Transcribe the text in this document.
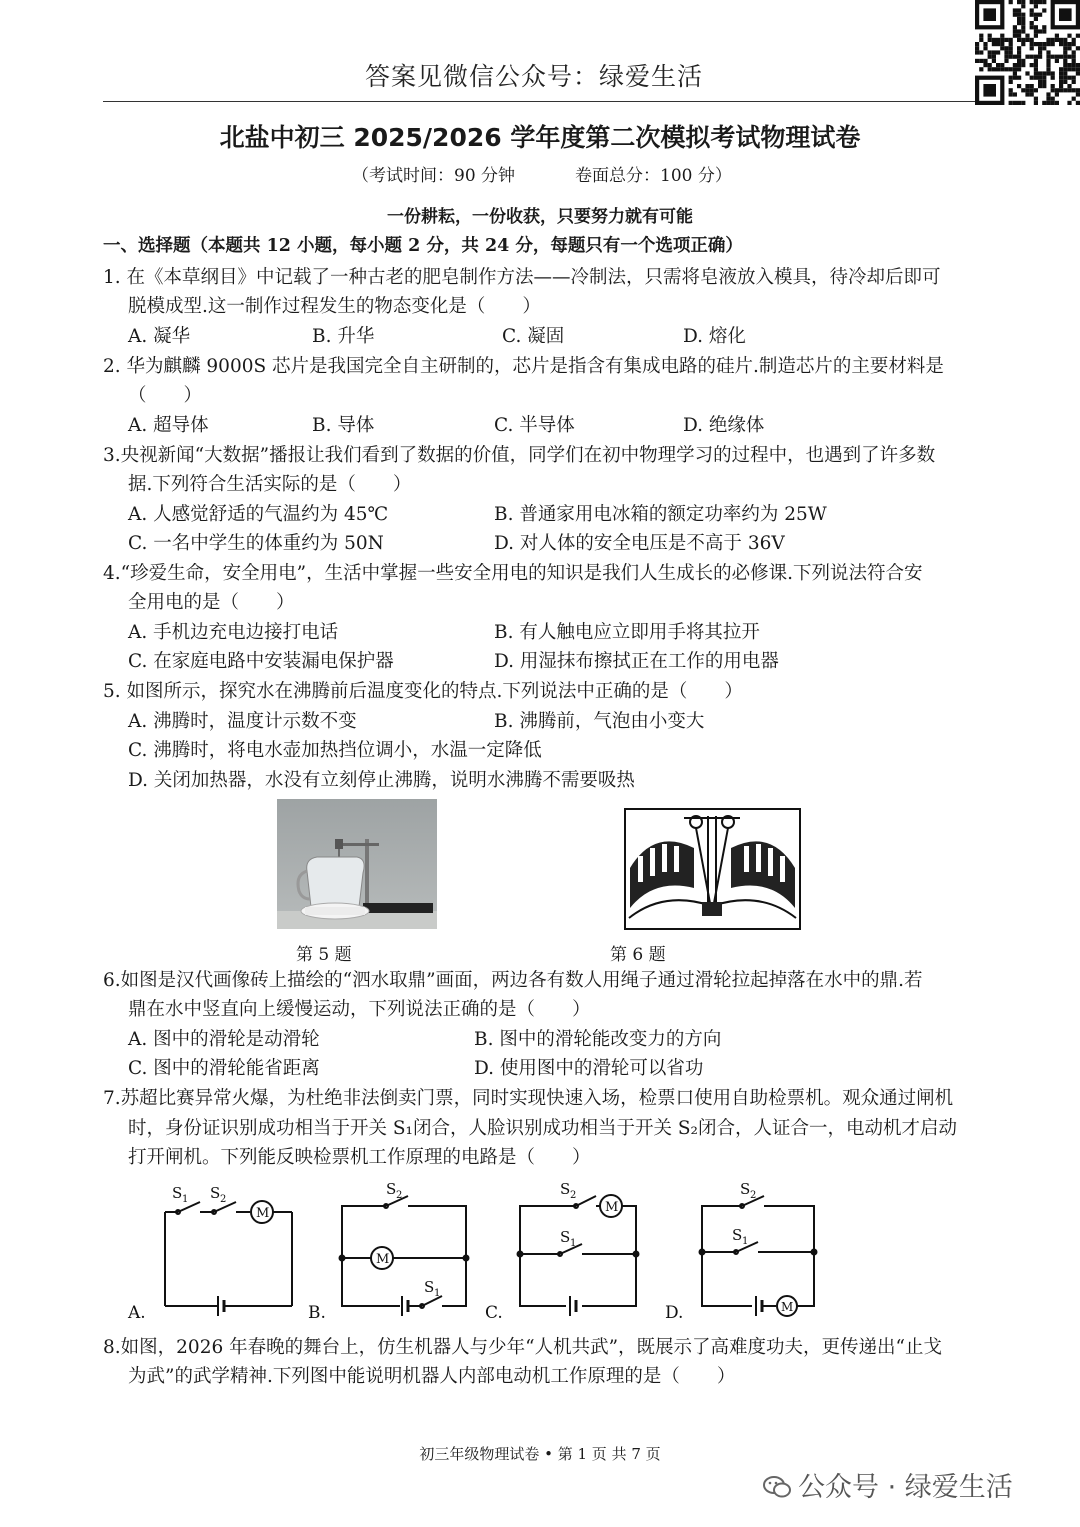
答案见微信公众号：绿爱生活
北盐中初三 2025/2026 学年度第二次模拟考试物理试卷
（考试时间：90 分钟	卷面总分：100 分）
一份耕耘，一份收获，只要努力就有可能
一、选择题（本题共 12 小题，每小题 2 分，共 24 分，每题只有一个选项正确）
1. 在《本草纲目》中记载了一种古老的肥皂制作方法——冷制法，只需将皂液放入模具，待冷却后即可
脱模成型.这一制作过程发生的物态变化是（　　）
A. 凝华	B. 升华	C. 凝固	D. 熔化
2. 华为麒麟 9000S 芯片是我国完全自主研制的，芯片是指含有集成电路的硅片.制造芯片的主要材料是
（　　）
A. 超导体	B. 导体	C. 半导体	D. 绝缘体
3.央视新闻“大数据”播报让我们看到了数据的价值，同学们在初中物理学习的过程中，也遇到了许多数
据.下列符合生活实际的是（　　）
A. 人感觉舒适的气温约为 45℃	B. 普通家用电冰箱的额定功率约为 25W
C. 一名中学生的体重约为 50N	D. 对人体的安全电压是不高于 36V
4.“珍爱生命，安全用电”，生活中掌握一些安全用电的知识是我们人生成长的必修课.下列说法符合安
全用电的是（　　）
A. 手机边充电边接打电话	B. 有人触电应立即用手将其拉开
C. 在家庭电路中安装漏电保护器	D. 用湿抹布擦拭正在工作的用电器
5. 如图所示，探究水在沸腾前后温度变化的特点.下列说法中正确的是（　　）
A. 沸腾时，温度计示数不变	B. 沸腾前，气泡由小变大
C. 沸腾时，将电水壶加热挡位调小，水温一定降低
D. 关闭加热器，水没有立刻停止沸腾，说明水沸腾不需要吸热
第 5 题	第 6 题
6.如图是汉代画像砖上描绘的“泗水取鼎”画面，两边各有数人用绳子通过滑轮拉起掉落在水中的鼎.若
鼎在水中竖直向上缓慢运动，下列说法正确的是（　　）
A. 图中的滑轮是动滑轮	B. 图中的滑轮能改变力的方向
C. 图中的滑轮能省距离	D. 使用图中的滑轮可以省功
7.苏超比赛异常火爆，为杜绝非法倒卖门票，同时实现快速入场，检票口使用自助检票机。观众通过闸机
时，身份证识别成功相当于开关 S₁闭合，人脸识别成功相当于开关 S₂闭合，人证合一，电动机才启动
打开闸机。下列能反映检票机工作原理的电路是（　　）
A.
S 1 S 2
M
B.
S 2
S 1
M
C.
S 2
S 1
M
D.
S 2
S 1
M
8.如图，2026 年春晚的舞台上，仿生机器人与少年“人机共武”，既展示了高难度功夫，更传递出“止戈
为武”的武学精神.下列图中能说明机器人内部电动机工作原理的是（　　）
初三年级物理试卷 • 第 1 页 共 7 页
公众号 · 绿爱生活
